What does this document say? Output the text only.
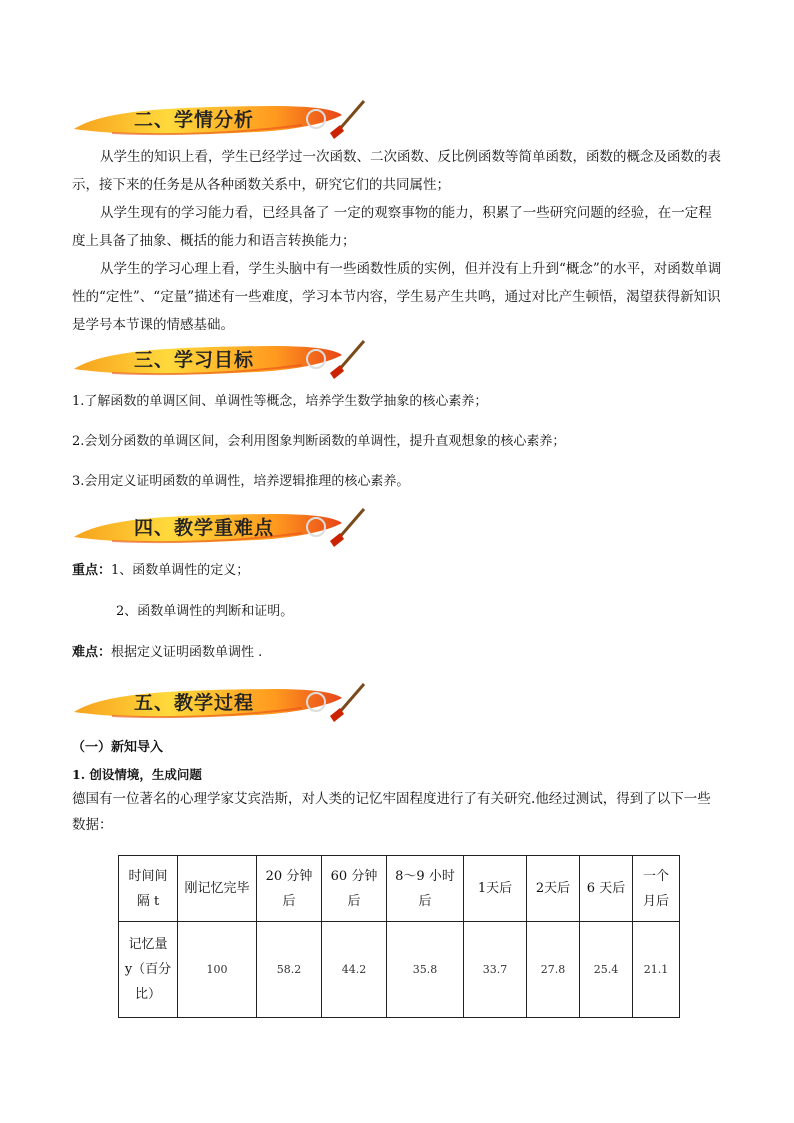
二、学情分析
从学生的知识上看，学生已经学过一次函数、二次函数、反比例函数等简单函数，函数的概念及函数的表示，接下来的任务是从各种函数关系中，研究它们的共同属性；
从学生现有的学习能力看，已经具备了 一定的观察事物的能力，积累了一些研究问题的经验，在一定程度上具备了抽象、概括的能力和语言转换能力；
从学生的学习心理上看，学生头脑中有一些函数性质的实例，但并没有上升到“概念”的水平，对函数单调性的“定性”、“定量”描述有一些难度，学习本节内容，学生易产生共鸣，通过对比产生顿悟，渴望获得新知识是学号本节课的情感基础。
三、学习目标
1.了解函数的单调区间、单调性等概念，培养学生数学抽象的核心素养；
2.会划分函数的单调区间，会利用图象判断函数的单调性，提升直观想象的核心素养；
3.会用定义证明函数的单调性，培养逻辑推理的核心素养。
四、教学重难点
重点：1、函数单调性的定义；
2、函数单调性的判断和证明。
难点：根据定义证明函数单调性 .
五、教学过程
（一）新知导入
1. 创设情境，生成问题
德国有一位著名的心理学家艾宾浩斯，对人类的记忆牢固程度进行了有关研究.他经过测试，得到了以下一些数据：
时间间隔 t	刚记忆完毕	20 分钟后	60 分钟后	8～9 小时后	1天后	2天后	6 天后	一个月后
记忆量 y（百分比）	100	58.2	44.2	35.8	33.7	27.8	25.4	21.1
